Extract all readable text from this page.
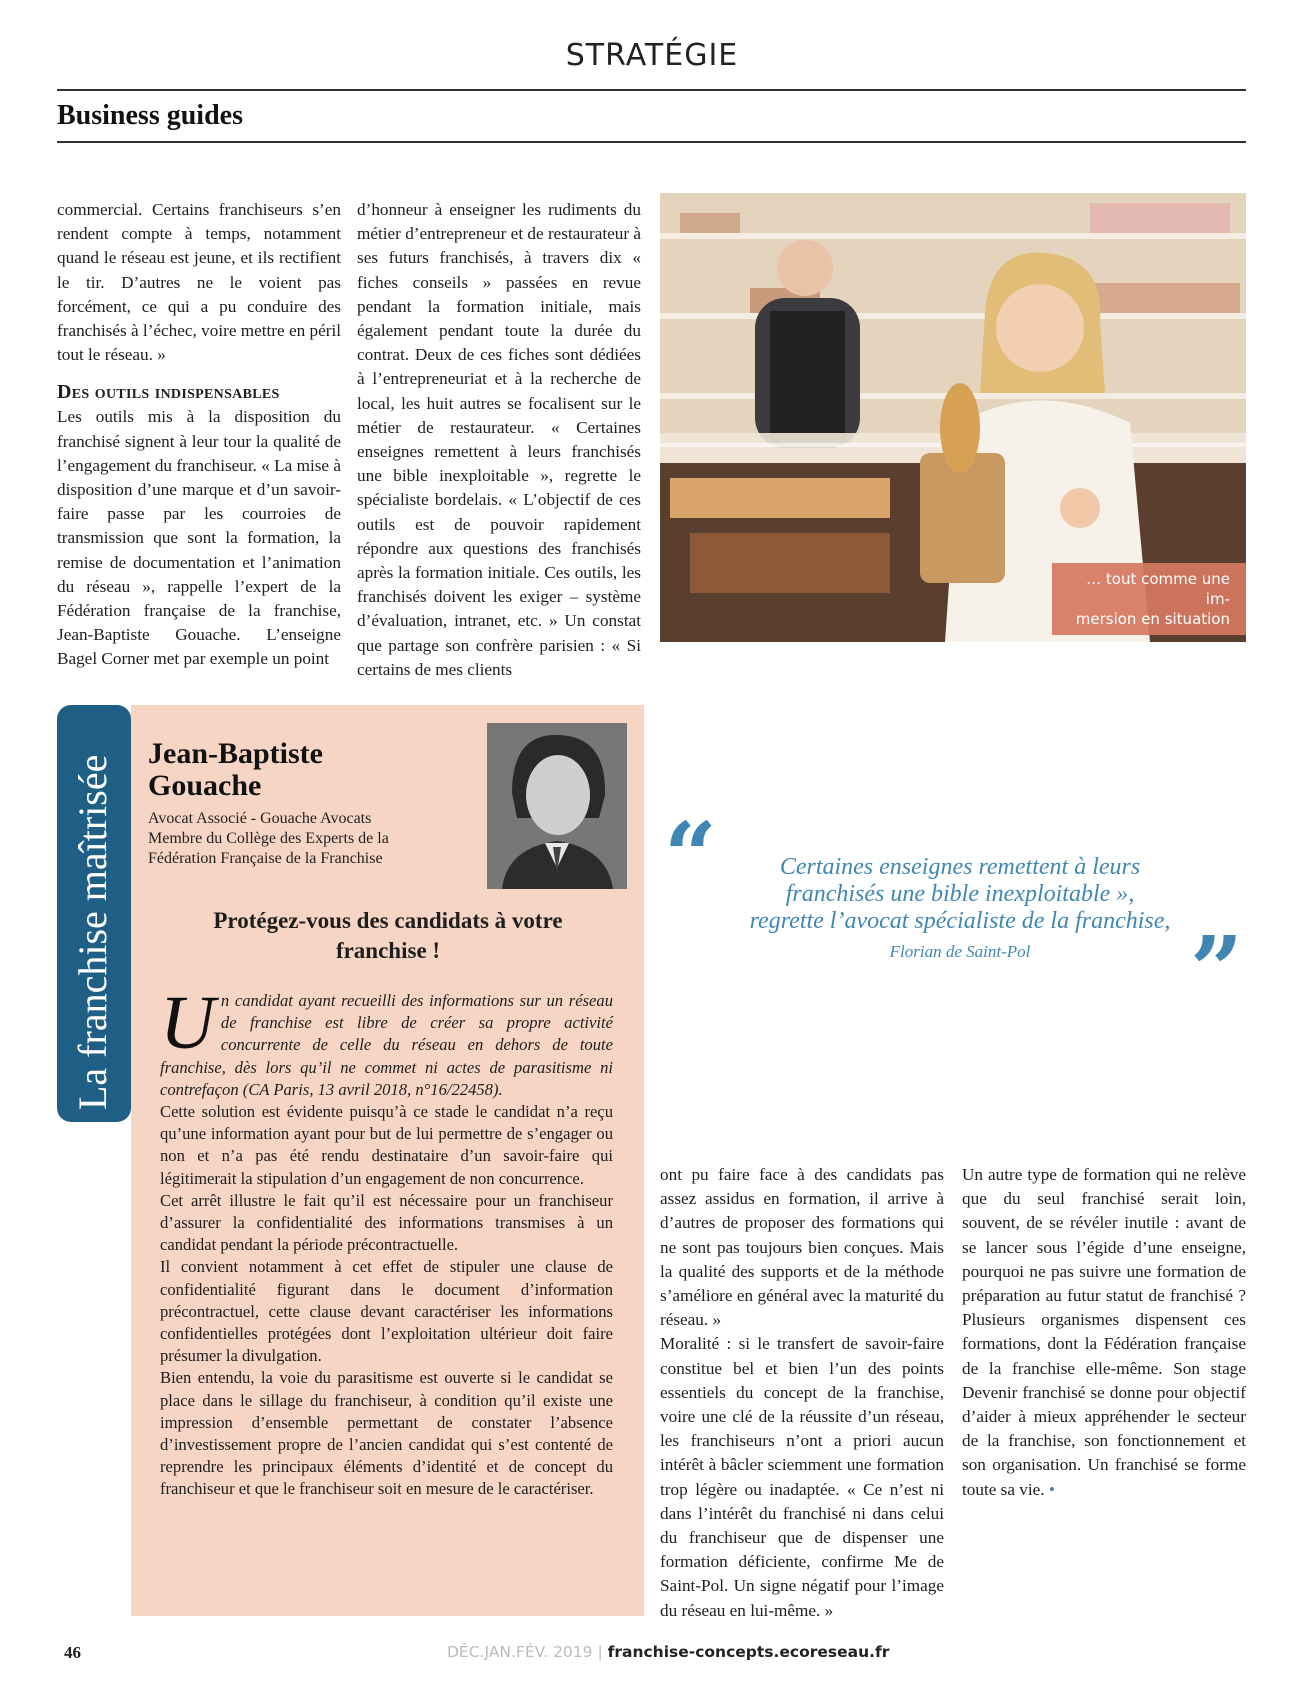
STRATÉGIE
Business guides

commercial. Certains franchiseurs s’en rendent compte à temps, notamment quand le réseau est jeune, et ils rectifient le tir. D’autres ne le voient pas forcément, ce qui a pu conduire des franchisés à l’échec, voire mettre en péril tout le réseau. »

Des outils indispensables

Les outils mis à la disposition du franchisé signent à leur tour la qualité de l’engagement du franchiseur. « La mise à disposition d’une marque et d’un savoir-faire passe par les courroies de transmission que sont la formation, la remise de documentation et l’animation du réseau », rappelle l’expert de la Fédération française de la franchise, Jean-Baptiste Gouache. L’enseigne Bagel Corner met par exemple un point

d’honneur à enseigner les rudiments du métier d’entrepreneur et de restaurateur à ses futurs franchisés, à travers dix « fiches conseils » passées en revue pendant la formation initiale, mais également pendant toute la durée du contrat. Deux de ces fiches sont dédiées à l’entrepreneuriat et à la recherche de local, les huit autres se focalisent sur le métier de restaurateur. « Certaines enseignes remettent à leurs franchisés une bible inexploitable », regrette le spécialiste bordelais. « L’objectif de ces outils est de pouvoir rapidement répondre aux questions des franchisés après la formation initiale. Ces outils, les franchisés doivent les exiger – système d’évaluation, intranet, etc. » Un constat que partage son confrère parisien : « Si certains de mes clients

… tout comme une im-
mersion en situation
La franchise maîtrisée
Jean-Baptiste
Gouache
Avocat Associé - Gouache Avocats
Membre du Collège des Experts de la
Fédération Française de la Franchise
Protégez-vous des candidats à votre
franchise !

Un candidat ayant recueilli des informations sur un réseau de franchise est libre de créer sa propre activité concurrente de celle du réseau en dehors de toute franchise, dès lors qu’il ne commet ni actes de parasitisme ni contrefaçon (CA Paris, 13 avril 2018, n°16/22458).

Cette solution est évidente puisqu’à ce stade le candidat n’a reçu qu’une information ayant pour but de lui permettre de s’engager ou non et n’a pas été rendu destinataire d’un savoir-faire qui légitimerait la stipulation d’un engagement de non concurrence.

Cet arrêt illustre le fait qu’il est nécessaire pour un franchiseur d’assurer la confidentialité des informations transmises à un candidat pendant la période précontractuelle.

Il convient notamment à cet effet de stipuler une clause de confidentialité figurant dans le document d’information précontractuel, cette clause devant caractériser les informations confidentielles protégées dont l’exploitation ultérieur doit faire présumer la divulgation.

Bien entendu, la voie du parasitisme est ouverte si le candidat se place dans le sillage du franchiseur, à condition qu’il existe une impression d’ensemble permettant de constater l’absence d’investissement propre de l’ancien candidat qui s’est contenté de reprendre les principaux éléments d’identité et de concept du franchiseur et que le franchiseur soit en mesure de le caractériser.

“	Certaines enseignes remettent à leurs
franchisés une bible inexploitable »,
regrette l’avocat spécialiste de la franchise,
Florian de Saint-Pol	”

ont pu faire face à des candidats pas assez assidus en formation, il arrive à d’autres de proposer des formations qui ne sont pas toujours bien conçues. Mais la qualité des supports et de la méthode s’améliore en général avec la maturité du réseau. »

Moralité : si le transfert de savoir-faire constitue bel et bien l’un des points essentiels du concept de la franchise, voire une clé de la réussite d’un réseau, les franchiseurs n’ont a priori aucun intérêt à bâcler sciemment une formation trop légère ou inadaptée. « Ce n’est ni dans l’intérêt du franchisé ni dans celui du franchiseur que de dispenser une formation déficiente, confirme Me de Saint-Pol. Un signe négatif pour l’image du réseau en lui-même. »

Un autre type de formation qui ne relève que du seul franchisé serait loin, souvent, de se révéler inutile : avant de se lancer sous l’égide d’une enseigne, pourquoi ne pas suivre une formation de préparation au futur statut de franchisé ? Plusieurs organismes dispensent ces formations, dont la Fédération française de la franchise elle-même. Son stage Devenir franchisé se donne pour objectif d’aider à mieux appréhender le secteur de la franchise, son fonctionnement et son organisation. Un franchisé se forme toute sa vie. •

46	DÉC.JAN.FÉV. 2019 | franchise-concepts.ecoreseau.fr
